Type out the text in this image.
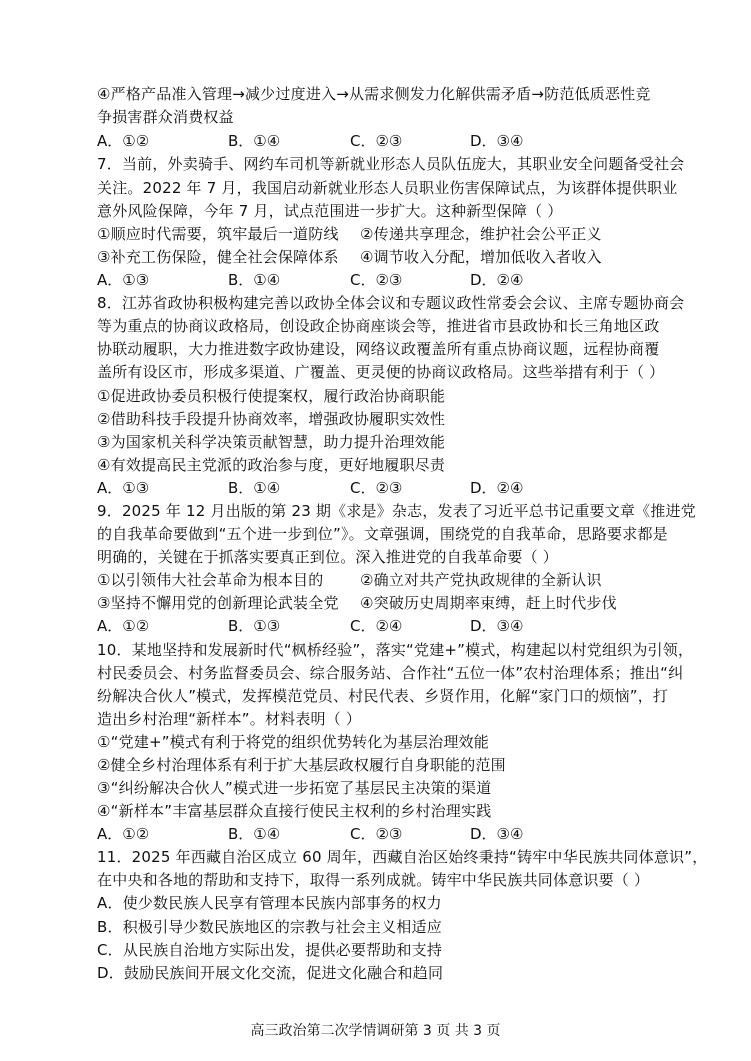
④严格产品准入管理→减少过度进入→从需求侧发力化解供需矛盾→防范低质恶性竞
争损害群众消费权益
A．①②	B．①④	C．②③	D．③④
7．当前，外卖骑手、网约车司机等新就业形态人员队伍庞大，其职业安全问题备受社会
关注。2022 年 7 月，我国启动新就业形态人员职业伤害保障试点，为该群体提供职业
意外风险保障，今年 7 月，试点范围进一步扩大。这种新型保障（ ）
①顺应时代需要，筑牢最后一道防线 ②传递共享理念，维护社会公平正义
③补充工伤保险，健全社会保障体系 ④调节收入分配，增加低收入者收入
A．①③	B．①④	C．②③	D．②④
8．江苏省政协积极构建完善以政协全体会议和专题议政性常委会会议、主席专题协商会
等为重点的协商议政格局，创设政企协商座谈会等，推进省市县政协和长三角地区政
协联动履职，大力推进数字政协建设，网络议政覆盖所有重点协商议题，远程协商覆
盖所有设区市，形成多渠道、广覆盖、更灵便的协商议政格局。这些举措有利于（ ）
①促进政协委员积极行使提案权，履行政治协商职能
②借助科技手段提升协商效率，增强政协履职实效性
③为国家机关科学决策贡献智慧，助力提升治理效能
④有效提高民主党派的政治参与度，更好地履职尽责
A．①③	B．①④	C．②③	D．②④
9．2025 年 12 月出版的第 23 期《求是》杂志，发表了习近平总书记重要文章《推进党
的自我革命要做到“五个进一步到位”》。文章强调，围绕党的自我革命，思路要求都是
明确的，关键在于抓落实要真正到位。深入推进党的自我革命要（ ）
①以引领伟大社会革命为根本目的 ②确立对共产党执政规律的全新认识
③坚持不懈用党的创新理论武装全党 ④突破历史周期率束缚，赶上时代步伐
A．①②	B．①③	C．②④	D．③④
10．某地坚持和发展新时代“枫桥经验”，落实“党建+”模式，构建起以村党组织为引领，
村民委员会、村务监督委员会、综合服务站、合作社“五位一体”农村治理体系；推出“纠
纷解决合伙人”模式，发挥模范党员、村民代表、乡贤作用，化解“家门口的烦恼”，打
造出乡村治理“新样本”。材料表明（ ）
①“党建+”模式有利于将党的组织优势转化为基层治理效能
②健全乡村治理体系有利于扩大基层政权履行自身职能的范围
③“纠纷解决合伙人”模式进一步拓宽了基层民主决策的渠道
④“新样本”丰富基层群众直接行使民主权利的乡村治理实践
A．①②	B．①④	C．②③	D．③④
11．2025 年西藏自治区成立 60 周年，西藏自治区始终秉持“铸牢中华民族共同体意识”，
在中央和各地的帮助和支持下，取得一系列成就。铸牢中华民族共同体意识要（ ）
A．使少数民族人民享有管理本民族内部事务的权力
B．积极引导少数民族地区的宗教与社会主义相适应
C．从民族自治地方实际出发，提供必要帮助和支持
D．鼓励民族间开展文化交流，促进文化融合和趋同
高三政治第二次学情调研第 3 页 共 3 页
